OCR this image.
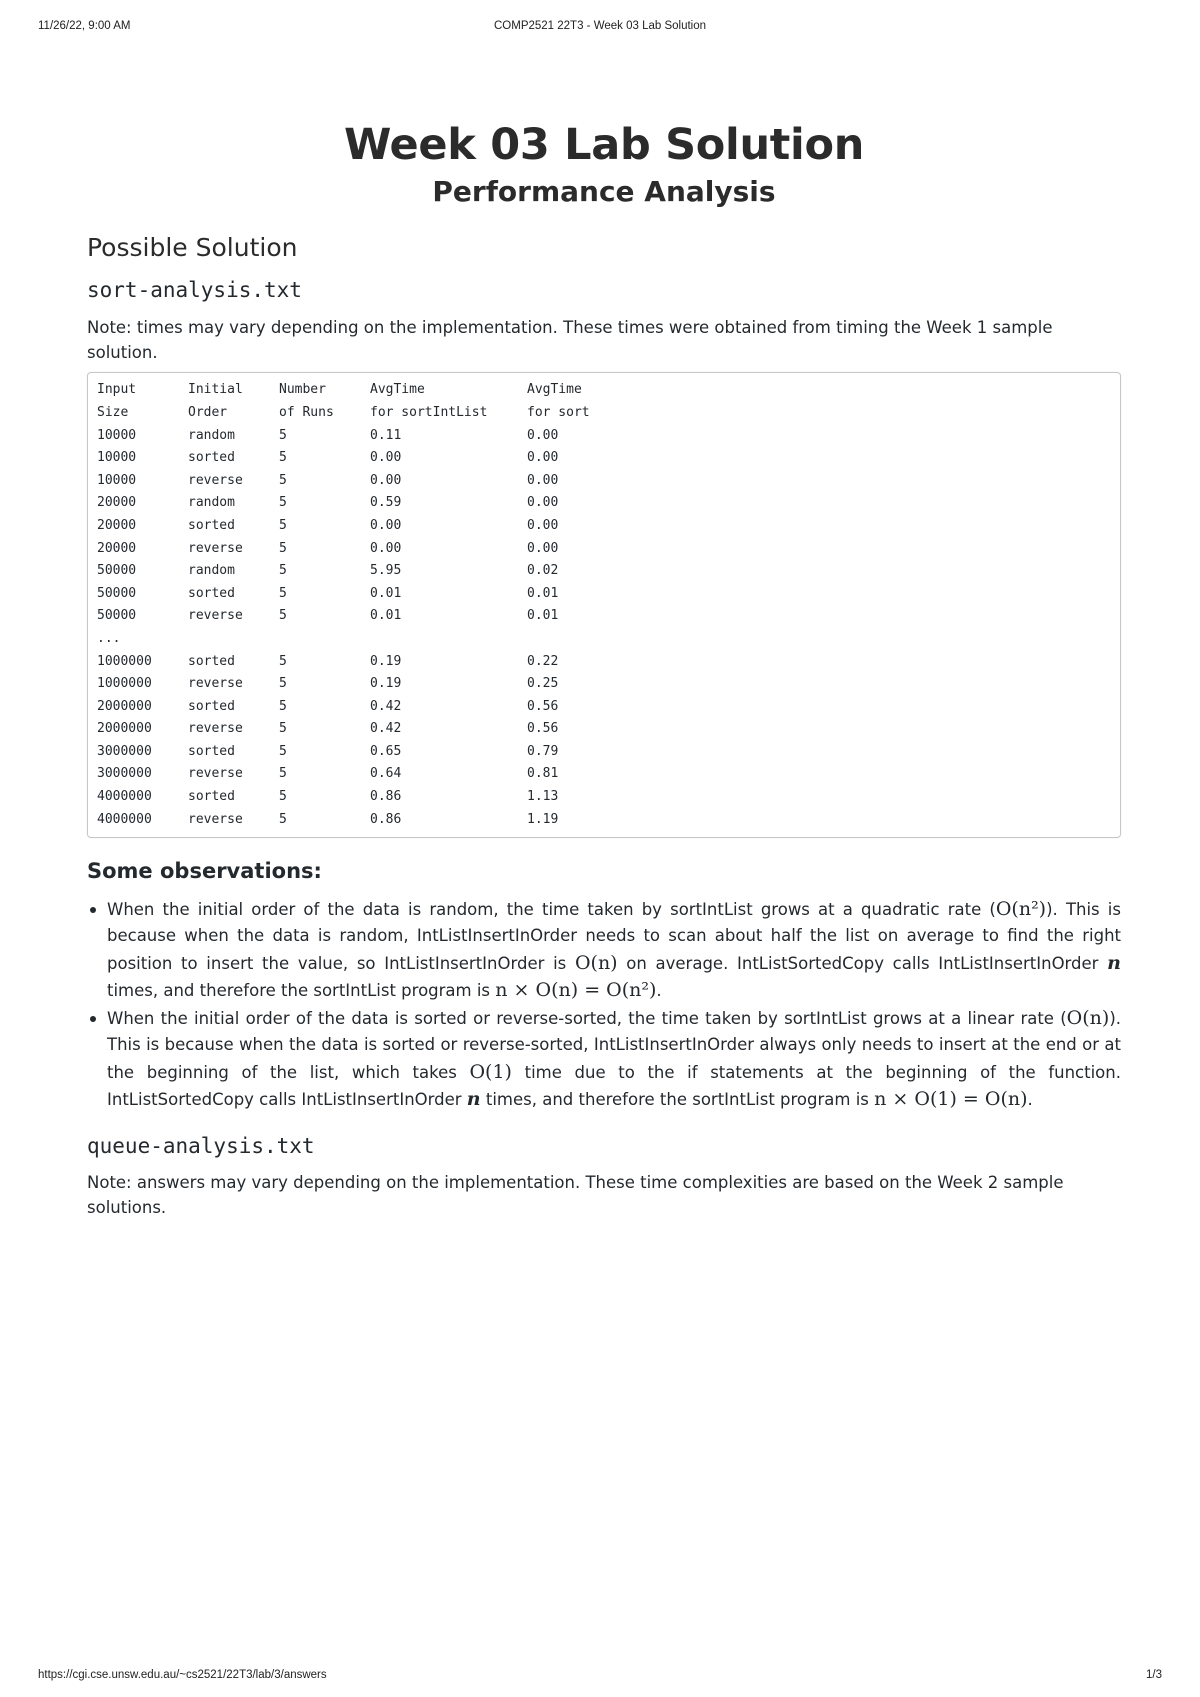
11/26/22, 9:00 AM	COMP2521 22T3 - Week 03 Lab Solution
Week 03 Lab Solution
Performance Analysis
Possible Solution
sort-analysis.txt

Note: times may vary depending on the implementation. These times were obtained from timing the Week 1 sample solution.

Input	Initial	Number	AvgTime	AvgTime
Size	Order	of Runs	for sortIntList	for sort
10000	random	5	0.11	0.00
10000	sorted	5	0.00	0.00
10000	reverse	5	0.00	0.00
20000	random	5	0.59	0.00
20000	sorted	5	0.00	0.00
20000	reverse	5	0.00	0.00
50000	random	5	5.95	0.02
50000	sorted	5	0.01	0.01
50000	reverse	5	0.01	0.01
...
1000000	sorted	5	0.19	0.22
1000000	reverse	5	0.19	0.25
2000000	sorted	5	0.42	0.56
2000000	reverse	5	0.42	0.56
3000000	sorted	5	0.65	0.79
3000000	reverse	5	0.64	0.81
4000000	sorted	5	0.86	1.13
4000000	reverse	5	0.86	1.19
Some observations:
When the initial order of the data is random, the time taken by sortIntList grows at a quadratic rate (O(n²)). This is because when the data is random, IntListInsertInOrder needs to scan about half the list on average to find the right position to insert the value, so IntListInsertInOrder is O(n) on average. IntListSortedCopy calls IntListInsertInOrder n times, and therefore the sortIntList program is n × O(n) = O(n²).
When the initial order of the data is sorted or reverse-sorted, the time taken by sortIntList grows at a linear rate (O(n)). This is because when the data is sorted or reverse-sorted, IntListInsertInOrder always only needs to insert at the end or at the beginning of the list, which takes O(1) time due to the if statements at the beginning of the function. IntListSortedCopy calls IntListInsertInOrder n times, and therefore the sortIntList program is n × O(1) = O(n).
queue-analysis.txt

Note: answers may vary depending on the implementation. These time complexities are based on the Week 2 sample solutions.

https://cgi.cse.unsw.edu.au/~cs2521/22T3/lab/3/answers	1/3
